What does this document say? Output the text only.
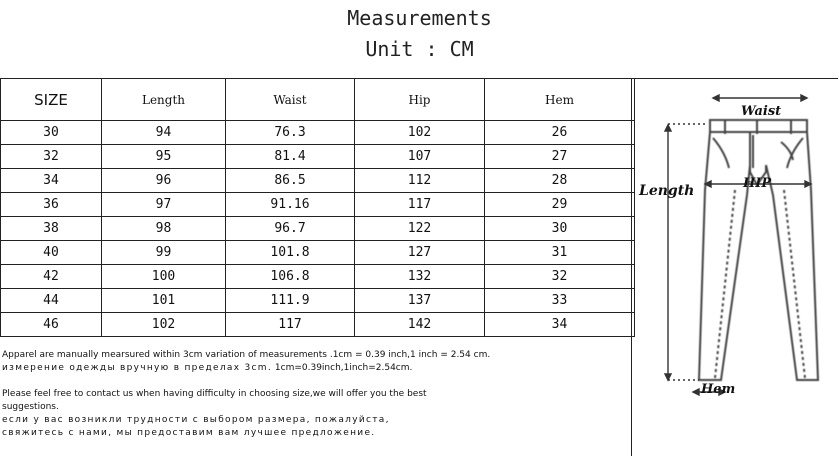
Measurements
Unit : CM
SIZE	Length	Waist	Hip	Hem
30	94	76.3	102	26
32	95	81.4	107	27
34	96	86.5	112	28
36	97	91.16	117	29
38	98	96.7	122	30
40	99	101.8	127	31
42	100	106.8	132	32
44	101	111.9	137	33
46	102	117	142	34
Apparel are manually mearsured within 3cm variation of measurements .1cm = 0.39 inch,1 inch = 2.54 cm.
измерение одежды вручную в пределах 3cm. 1cm=0.39inch,1inch=2.54cm.
Please feel free to contact us when having difficulty in choosing size,we will offer you the best
suggestions.
если у вас возникли трудности с выбором размера, пожалуйста,
свяжитесь с нами, мы предоставим вам лучшее предложение.
Waist
Length	HIP
Hem
